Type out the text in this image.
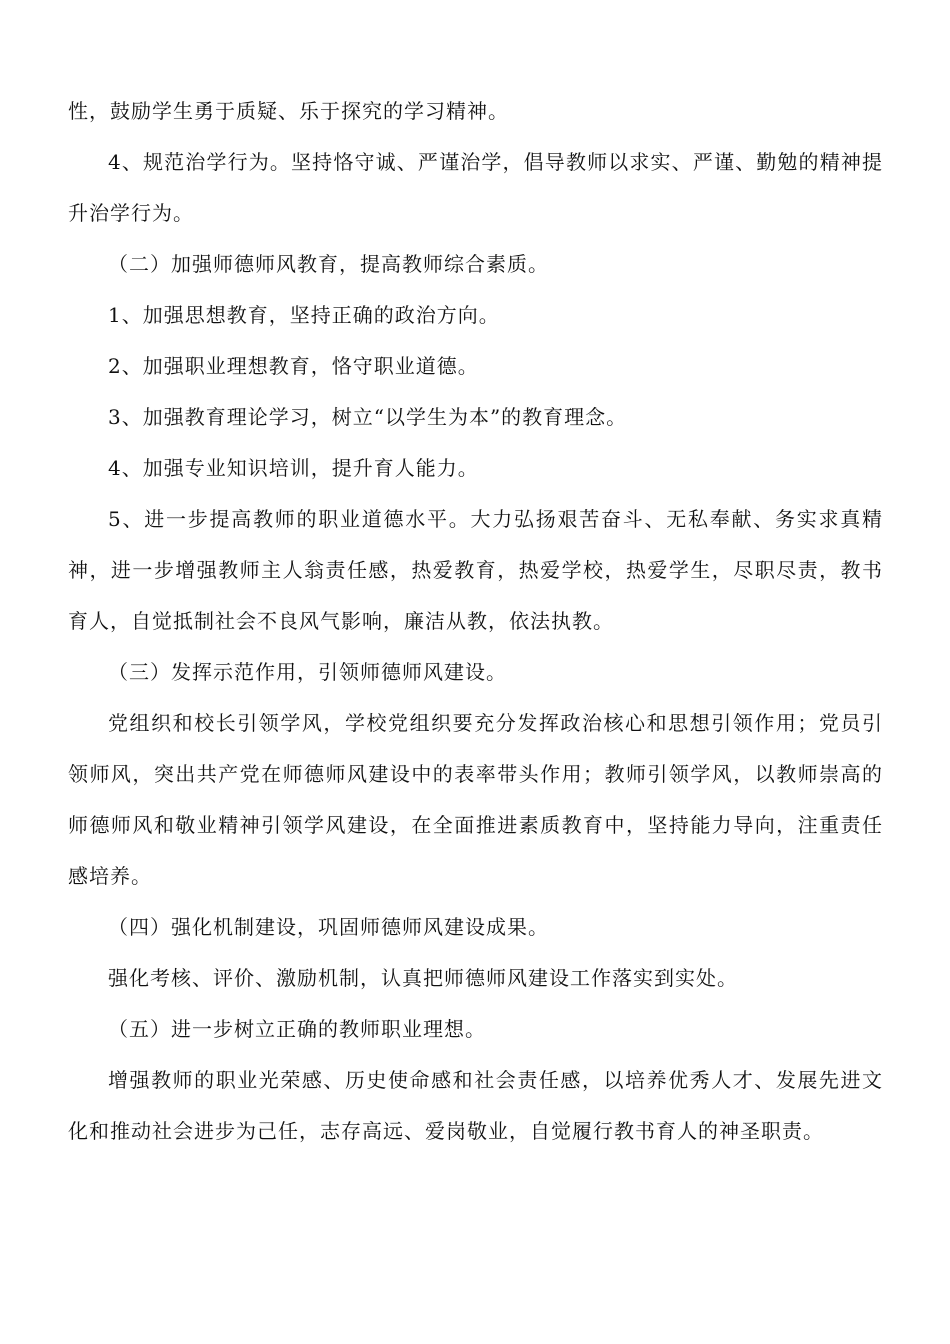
性，鼓励学生勇于质疑、乐于探究的学习精神。

4、规范治学行为。坚持恪守诚、严谨治学，倡导教师以求实、严谨、勤勉的精神提升治学行为。

（二）加强师德师风教育，提高教师综合素质。

1、加强思想教育，坚持正确的政治方向。

2、加强职业理想教育，恪守职业道德。

3、加强教育理论学习，树立“以学生为本”的教育理念。

4、加强专业知识培训，提升育人能力。

5、进一步提高教师的职业道德水平。大力弘扬艰苦奋斗、无私奉献、务实求真精神，进一步增强教师主人翁责任感，热爱教育，热爱学校，热爱学生，尽职尽责，教书育人，自觉抵制社会不良风气影响，廉洁从教，依法执教。

（三）发挥示范作用，引领师德师风建设。

党组织和校长引领学风，学校党组织要充分发挥政治核心和思想引领作用；党员引领师风，突出共产党在师德师风建设中的表率带头作用；教师引领学风，以教师崇高的师德师风和敬业精神引领学风建设，在全面推进素质教育中，坚持能力导向，注重责任感培养。

（四）强化机制建设，巩固师德师风建设成果。

强化考核、评价、激励机制，认真把师德师风建设工作落实到实处。

（五）进一步树立正确的教师职业理想。

增强教师的职业光荣感、历史使命感和社会责任感，以培养优秀人才、发展先进文化和推动社会进步为己任，志存高远、爱岗敬业，自觉履行教书育人的神圣职责。
